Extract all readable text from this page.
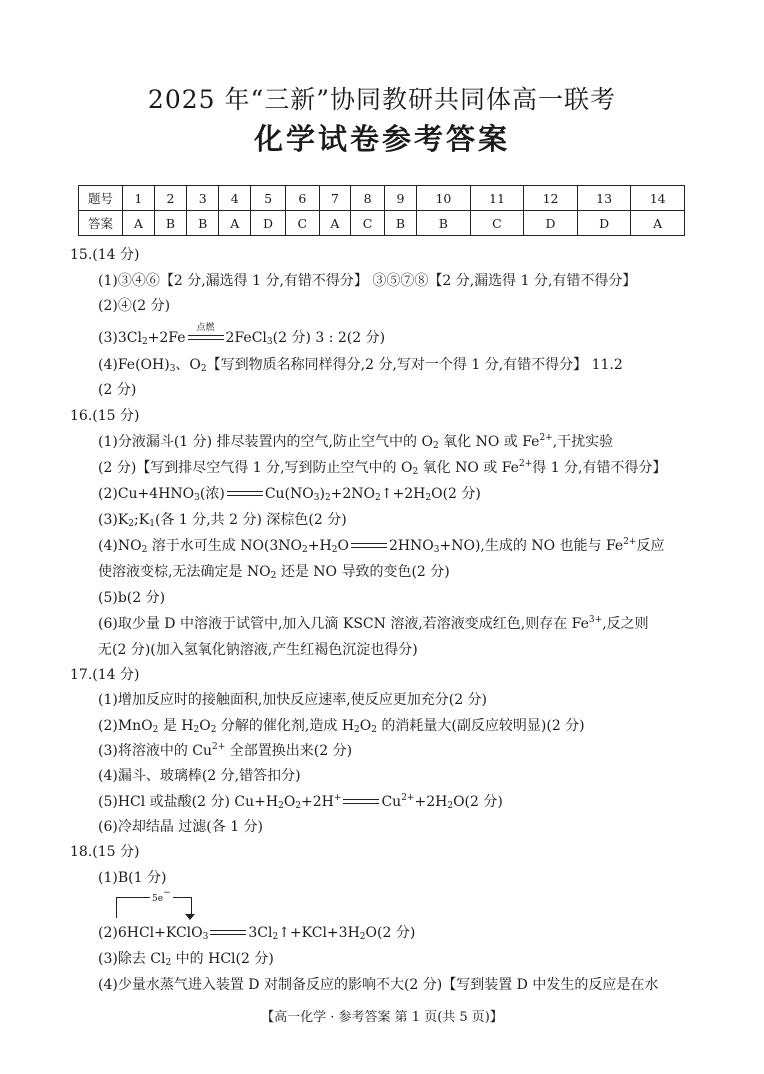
2025 年“三新”协同教研共同体高一联考
化学试卷参考答案
题号	1	2	3	4	5	6	7	8	9	10	11	12	13	14
答案	A	B	B	A	D	C	A	C	B	B	C	D	D	A
15.(14 分)
(1)③④⑥【2 分,漏选得 1 分,有错不得分】 ③⑤⑦⑧【2 分,漏选得 1 分,有错不得分】
(2)④(2 分)
$(3)3Cl_2+2Fe$
点燃
2FeCl$_3$(2 分) 3 : 2(2 分)
$(4)Fe(OH)_3$、$O_2$【写到物质名称同样得分,2 分,写对一个得 1 分,有错不得分】 11.2
(2 分)
16.(15 分)
(1)分液漏斗(1 分) 排尽装置内的空气,防止空气中的 $O_2$ 氧化 NO 或 $Fe^{2+}$,干扰实验
(2 分)【写到排尽空气得 1 分,写到防止空气中的 $O_2$ 氧化 NO 或 $Fe^{2+}$得 1 分,有错不得分】
$(2)Cu+4HNO_3$(浓)	$Cu(NO_3)_2+2NO_2↑+2H_2O(2$ 分)
$(3)K_2;K_1$(各 1 分,共 2 分) 深棕色(2 分)
$(4)NO_2$ 溶于水可生成 $NO(3NO_2+H_2O$	$2HNO_3+NO$),生成的 NO 也能与 $Fe^{2+}$反应
使溶液变棕,无法确定是 $NO_2$ 还是 NO 导致的变色(2 分)
(5)b(2 分)
(6)取少量 D 中溶液于试管中,加入几滴 KSCN 溶液,若溶液变成红色,则存在 $Fe^{3+}$,反之则
无(2 分)(加入氢氧化钠溶液,产生红褐色沉淀也得分)
17.(14 分)
(1)增加反应时的接触面积,加快反应速率,使反应更加充分(2 分)
(2)MnO$_2$ 是 $H_2O_2$ 分解的催化剂,造成 $H_2O_2$ 的消耗量大(副反应较明显)(2 分)
(3)将溶液中的 $Cu^{2+}$ 全部置换出来(2 分)
(4)漏斗、玻璃棒(2 分,错答扣分)
(5)HCl 或盐酸(2 分) $Cu+H_2O_2+2H^+$	$Cu^{2+}+2H_2O(2$ 分)
(6)冷却结晶 过滤(各 1 分)
18.(15 分)
(1)B(1 分)
5e−
(2)6HCl+KClO$_3$	$3Cl_2↑+KCl+3H_2O(2$ 分)
(3)除去 $Cl_2$ 中的 HCl(2 分)
(4)少量水蒸气进入装置 D 对制备反应的影响不大(2 分)【写到装置 D 中发生的反应是在水
【高一化学 · 参考答案 第 1 页(共 5 页)】
